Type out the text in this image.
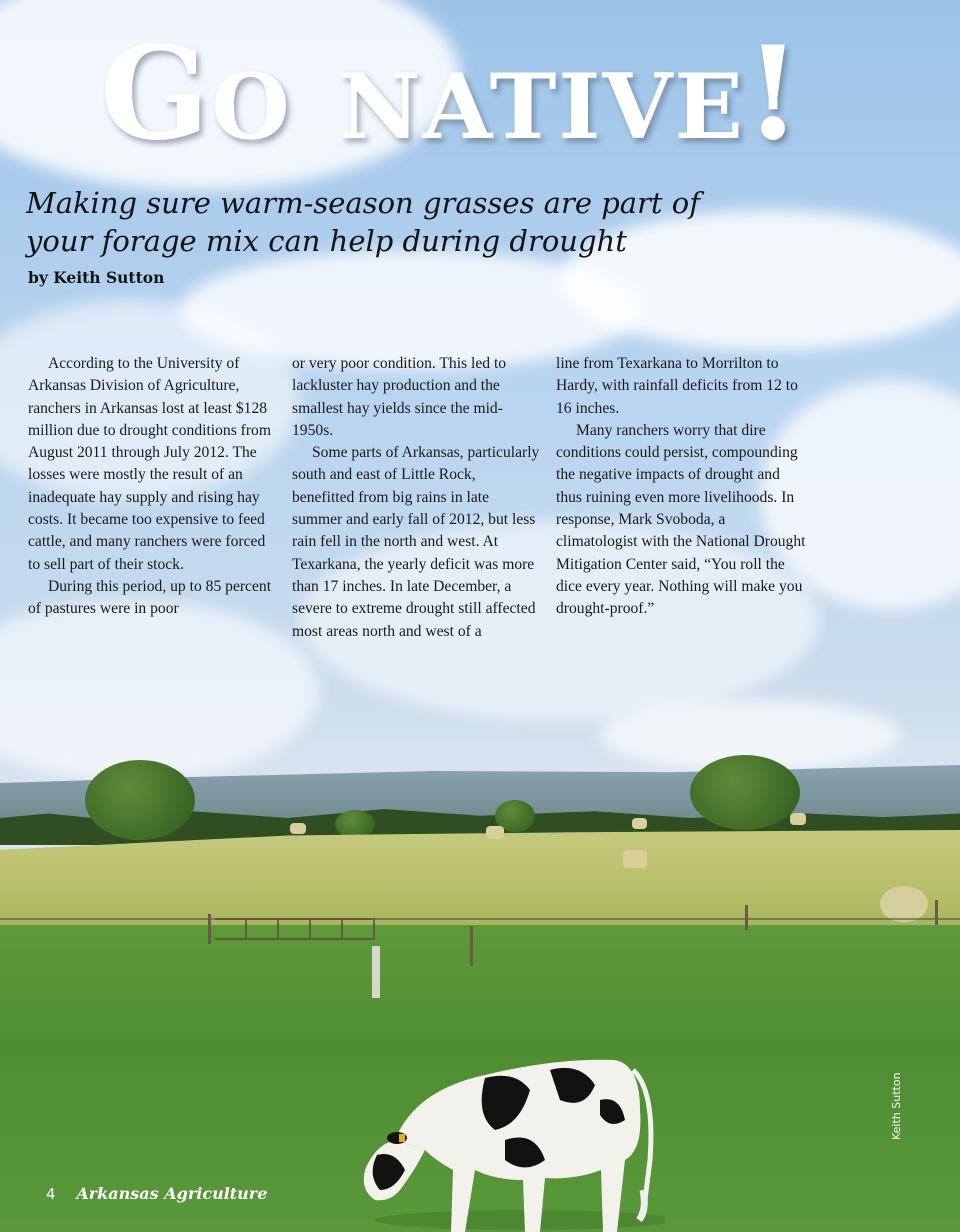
Go native!
Making sure warm-season grasses are part of
your forage mix can help during drought
by Keith Sutton

According to the University of Arkansas Division of Agriculture, ranchers in Arkansas lost at least $128 million due to drought conditions from August 2011 through July 2012. The losses were mostly the result of an inadequate hay supply and rising hay costs. It became too expensive to feed cattle, and many ranchers were forced to sell part of their stock.

During this period, up to 85 percent of pastures were in poor

or very poor condition. This led to lackluster hay production and the smallest hay yields since the mid-1950s.

Some parts of Arkansas, particularly south and east of Little Rock, benefitted from big rains in late summer and early fall of 2012, but less rain fell in the north and west. At Texarkana, the yearly deficit was more than 17 inches. In late December, a severe to extreme drought still affected most areas north and west of a

line from Texarkana to Morrilton to Hardy, with rainfall deficits from 12 to 16 inches.

Many ranchers worry that dire conditions could persist, compounding the negative impacts of drought and thus ruining even more livelihoods. In response, Mark Svoboda, a climatologist with the National Drought Mitigation Center said, “You roll the dice every year. Nothing will make you drought-proof.”

Keith Sutton
4 Arkansas Agriculture
